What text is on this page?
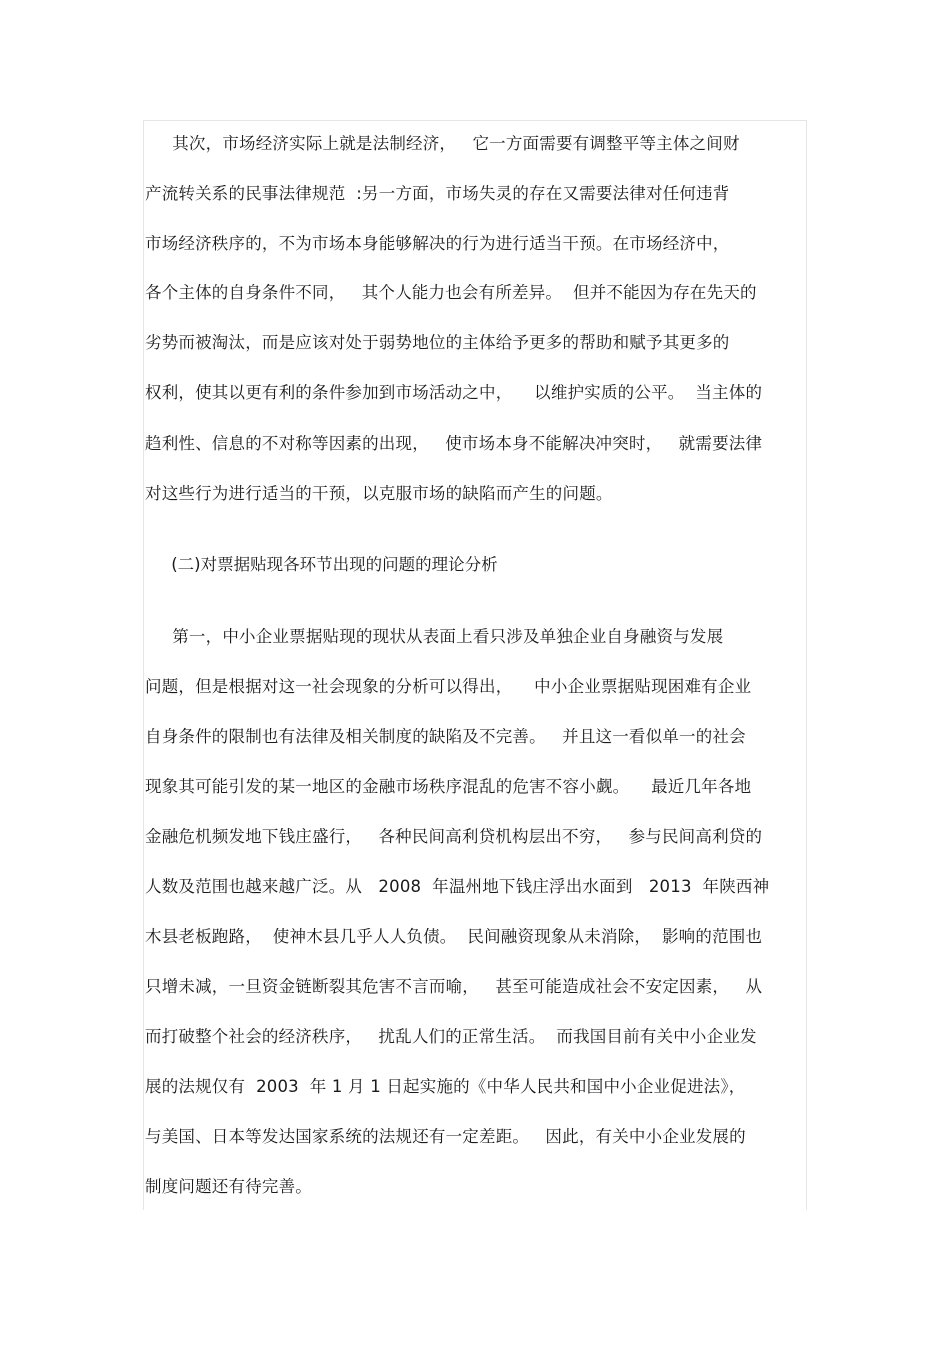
其次，市场经济实际上就是法制经济，   它一方面需要有调整平等主体之间财
产流转关系的民事法律规范  :另一方面，市场失灵的存在又需要法律对任何违背
市场经济秩序的，不为市场本身能够解决的行为进行适当干预。在市场经济中，
各个主体的自身条件不同，   其个人能力也会有所差异。  但并不能因为存在先天的
劣势而被淘汰，而是应该对处于弱势地位的主体给予更多的帮助和赋予其更多的
权利，使其以更有利的条件参加到市场活动之中，    以维护实质的公平。  当主体的
趋利性、信息的不对称等因素的出现，   使市场本身不能解决冲突时，   就需要法律
对这些行为进行适当的干预，以克服市场的缺陷而产生的问题。
(二)对票据贴现各环节出现的问题的理论分析
第一，中小企业票据贴现的现状从表面上看只涉及单独企业自身融资与发展
问题，但是根据对这一社会现象的分析可以得出，    中小企业票据贴现困难有企业
自身条件的限制也有法律及相关制度的缺陷及不完善。   并且这一看似单一的社会
现象其可能引发的某一地区的金融市场秩序混乱的危害不容小觑。    最近几年各地
金融危机频发地下钱庄盛行，   各种民间高利贷机构层出不穷，   参与民间高利贷的
人数及范围也越来越广泛。从   2008  年温州地下钱庄浮出水面到   2013  年陕西神
木县老板跑路，  使神木县几乎人人负债。  民间融资现象从未消除，  影响的范围也
只增未减，一旦资金链断裂其危害不言而喻，   甚至可能造成社会不安定因素，   从
而打破整个社会的经济秩序，   扰乱人们的正常生活。  而我国目前有关中小企业发
展的法规仅有  2003  年 1 月 1 日起实施的《中华人民共和国中小企业促进法》，
与美国、日本等发达国家系统的法规还有一定差距。   因此，有关中小企业发展的
制度问题还有待完善。
